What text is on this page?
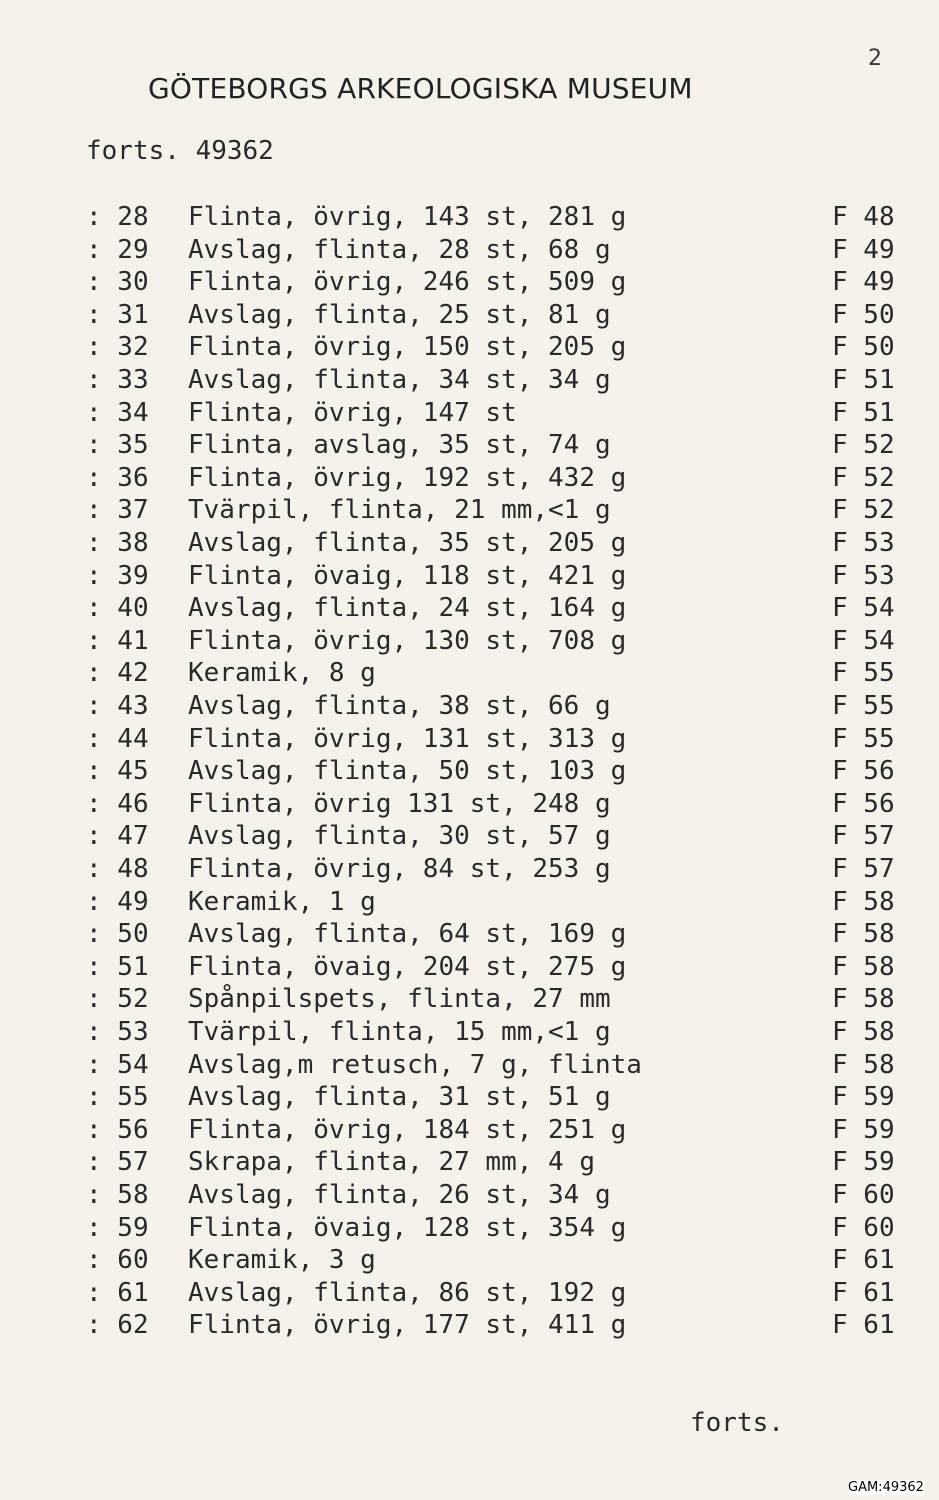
2
GÖTEBORGS ARKEOLOGISKA MUSEUM
forts. 49362
: 28 Flinta, övrig, 143 st, 281 g	F 48
: 29 Avslag, flinta, 28 st, 68 g	F 49
: 30 Flinta, övrig, 246 st, 509 g	F 49
: 31 Avslag, flinta, 25 st, 81 g	F 50
: 32 Flinta, övrig, 150 st, 205 g	F 50
: 33 Avslag, flinta, 34 st, 34 g	F 51
: 34 Flinta, övrig, 147 st	F 51
: 35 Flinta, avslag, 35 st, 74 g	F 52
: 36 Flinta, övrig, 192 st, 432 g	F 52
: 37 Tvärpil, flinta, 21 mm,<1 g	F 52
: 38 Avslag, flinta, 35 st, 205 g	F 53
: 39 Flinta, övaig, 118 st, 421 g	F 53
: 40 Avslag, flinta, 24 st, 164 g	F 54
: 41 Flinta, övrig, 130 st, 708 g	F 54
: 42 Keramik, 8 g	F 55
: 43 Avslag, flinta, 38 st, 66 g	F 55
: 44 Flinta, övrig, 131 st, 313 g	F 55
: 45 Avslag, flinta, 50 st, 103 g	F 56
: 46 Flinta, övrig 131 st, 248 g	F 56
: 47 Avslag, flinta, 30 st, 57 g	F 57
: 48 Flinta, övrig, 84 st, 253 g	F 57
: 49 Keramik, 1 g	F 58
: 50 Avslag, flinta, 64 st, 169 g	F 58
: 51 Flinta, övaig, 204 st, 275 g	F 58
: 52 Spånpilspets, flinta, 27 mm	F 58
: 53 Tvärpil, flinta, 15 mm,<1 g	F 58
: 54 Avslag,m retusch, 7 g, flinta	F 58
: 55 Avslag, flinta, 31 st, 51 g	F 59
: 56 Flinta, övrig, 184 st, 251 g	F 59
: 57 Skrapa, flinta, 27 mm, 4 g	F 59
: 58 Avslag, flinta, 26 st, 34 g	F 60
: 59 Flinta, övaig, 128 st, 354 g	F 60
: 60 Keramik, 3 g	F 61
: 61 Avslag, flinta, 86 st, 192 g	F 61
: 62 Flinta, övrig, 177 st, 411 g	F 61
forts.
GAM:49362
